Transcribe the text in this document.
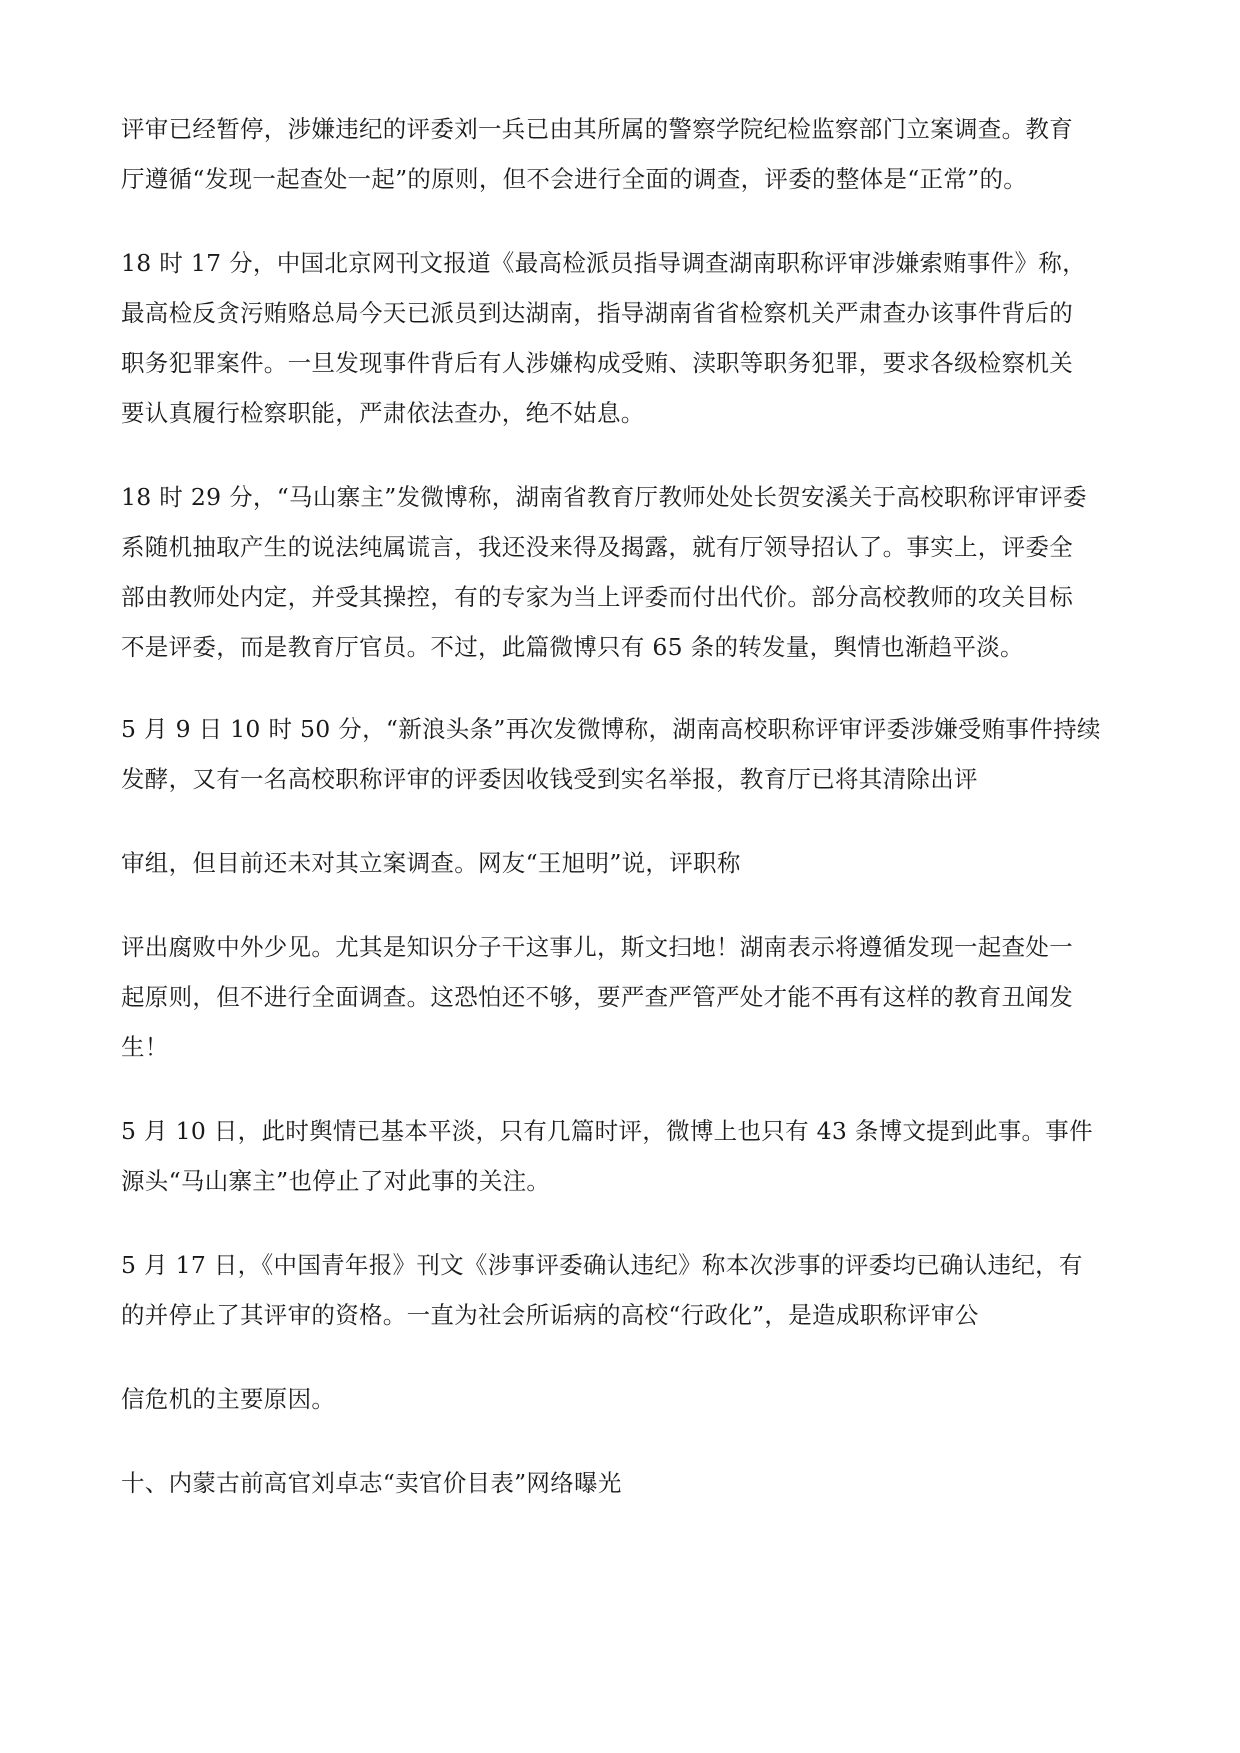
评审已经暂停，涉嫌违纪的评委刘一兵已由其所属的警察学院纪检监察部门立案调查。教育
厅遵循“发现一起查处一起”的原则，但不会进行全面的调查，评委的整体是“正常”的。
18 时 17 分，中国北京网刊文报道《最高检派员指导调查湖南职称评审涉嫌索贿事件》称，
最高检反贪污贿赂总局今天已派员到达湖南，指导湖南省省检察机关严肃查办该事件背后的
职务犯罪案件。一旦发现事件背后有人涉嫌构成受贿、渎职等职务犯罪，要求各级检察机关
要认真履行检察职能，严肃依法查办，绝不姑息。
18 时 29 分，“马山寨主”发微博称，湖南省教育厅教师处处长贺安溪关于高校职称评审评委
系随机抽取产生的说法纯属谎言，我还没来得及揭露，就有厅领导招认了。事实上，评委全
部由教师处内定，并受其操控，有的专家为当上评委而付出代价。部分高校教师的攻关目标
不是评委，而是教育厅官员。不过，此篇微博只有 65 条的转发量，舆情也渐趋平淡。
5 月 9 日 10 时 50 分，“新浪头条”再次发微博称，湖南高校职称评审评委涉嫌受贿事件持续
发酵，又有一名高校职称评审的评委因收钱受到实名举报，教育厅已将其清除出评
审组，但目前还未对其立案调查。网友“王旭明”说，评职称
评出腐败中外少见。尤其是知识分子干这事儿，斯文扫地！湖南表示将遵循发现一起查处一
起原则，但不进行全面调查。这恐怕还不够，要严查严管严处才能不再有这样的教育丑闻发
生！
5 月 10 日，此时舆情已基本平淡，只有几篇时评，微博上也只有 43 条博文提到此事。事件
源头“马山寨主”也停止了对此事的关注。
5 月 17 日，《中国青年报》刊文《涉事评委确认违纪》称本次涉事的评委均已确认违纪，有
的并停止了其评审的资格。一直为社会所诟病的高校“行政化”，是造成职称评审公
信危机的主要原因。
十、内蒙古前高官刘卓志“卖官价目表”网络曝光
